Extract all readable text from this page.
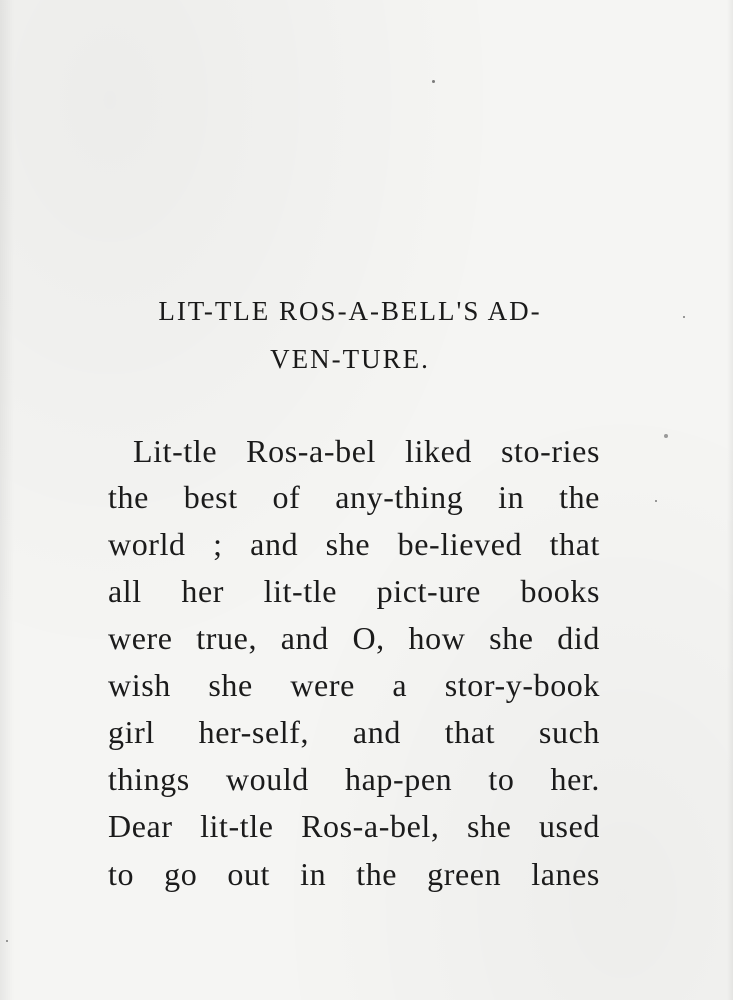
LIT-TLE ROS-A-BELL'S AD-
VEN-TURE.

Lit-tle Ros-a-bel liked sto-ries

the best of any-thing in the

world ; and she be-lieved that

all her lit-tle pict-ure books

were true, and O, how she did

wish she were a stor-y-book

girl her-self, and that such

things would hap-pen to her.

Dear lit-tle Ros-a-bel, she used

to go out in the green lanes
